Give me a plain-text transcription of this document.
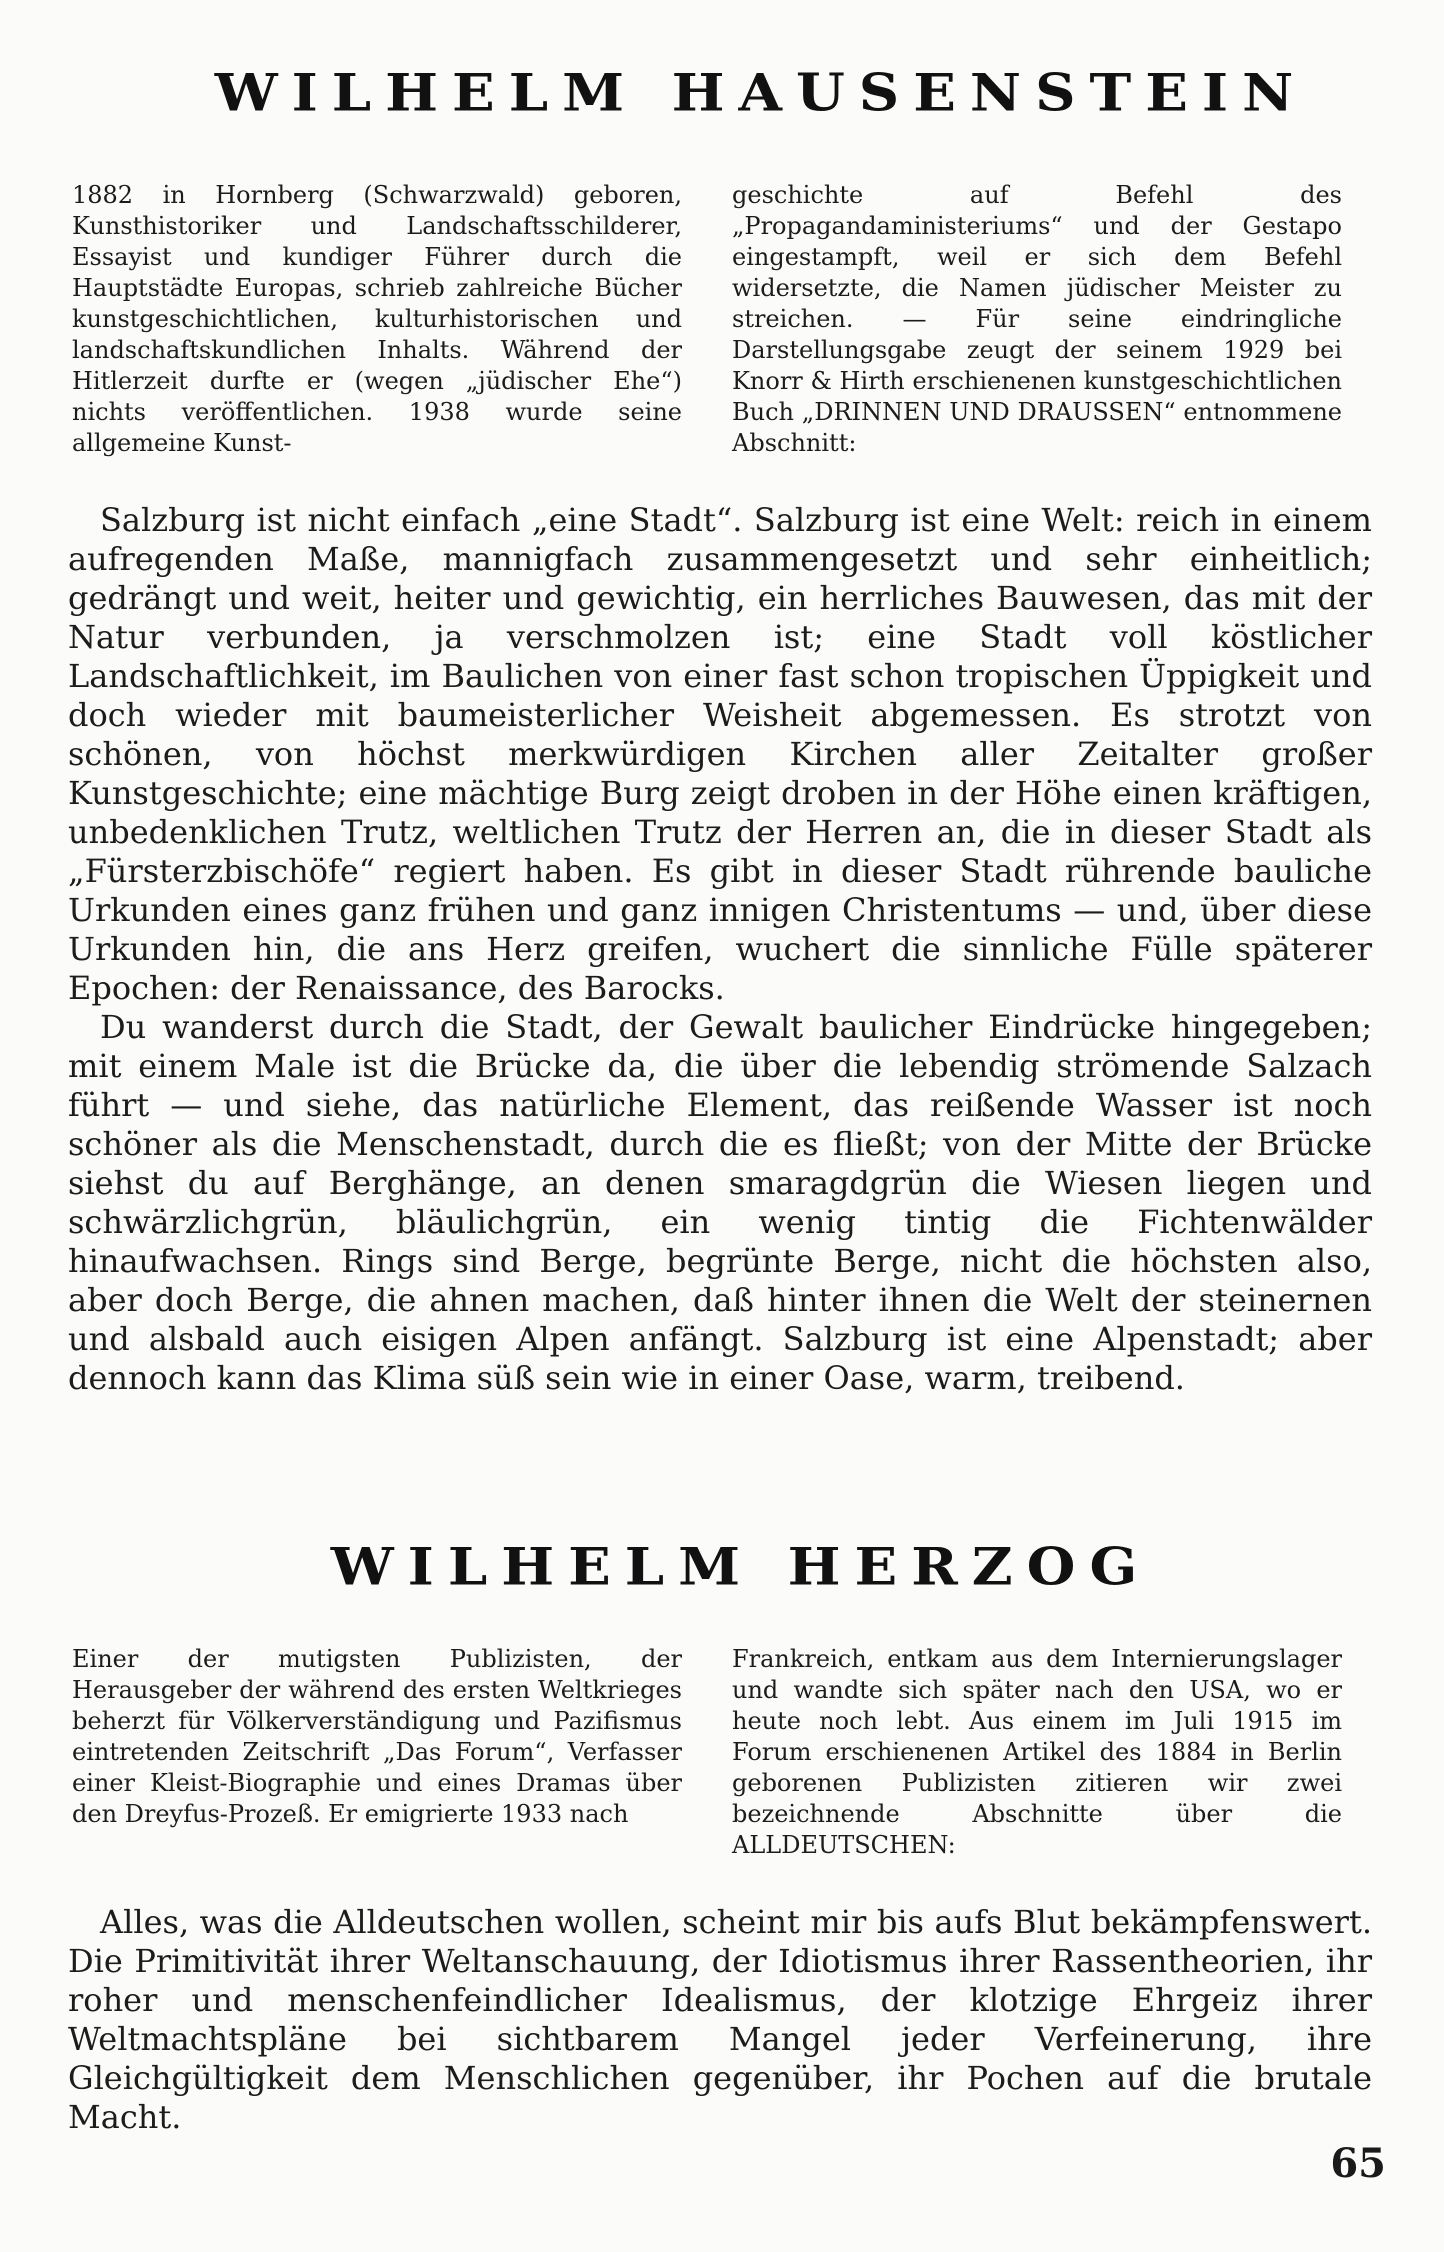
WILHELM HAUSENSTEIN

1882 in Hornberg (Schwarzwald) geboren, Kunsthistoriker und Landschaftsschilderer, Essayist und kundiger Führer durch die Hauptstädte Europas, schrieb zahlreiche Bücher kunstgeschichtlichen, kulturhistorischen und landschaftskundlichen Inhalts. Während der Hitlerzeit durfte er (wegen „jüdischer Ehe“) nichts veröffentlichen. 1938 wurde seine allgemeine Kunst-

geschichte auf Befehl des „Propagandaministeriums“ und der Gestapo eingestampft, weil er sich dem Befehl widersetzte, die Namen jüdischer Meister zu streichen. — Für seine eindringliche Darstellungsgabe zeugt der seinem 1929 bei Knorr & Hirth erschienenen kunstgeschichtlichen Buch „DRINNEN UND DRAUSSEN“ entnommene Abschnitt:

Salzburg ist nicht einfach „eine Stadt“. Salzburg ist eine Welt: reich in einem aufregenden Maße, mannigfach zusammengesetzt und sehr einheitlich; gedrängt und weit, heiter und gewichtig, ein herrliches Bauwesen, das mit der Natur verbunden, ja verschmolzen ist; eine Stadt voll köstlicher Landschaftlichkeit, im Baulichen von einer fast schon tropischen Üppigkeit und doch wieder mit baumeisterlicher Weisheit abgemessen. Es strotzt von schönen, von höchst merkwürdigen Kirchen aller Zeitalter großer Kunstgeschichte; eine mächtige Burg zeigt droben in der Höhe einen kräftigen, unbedenklichen Trutz, weltlichen Trutz der Herren an, die in dieser Stadt als „Fürsterzbischöfe“ regiert haben. Es gibt in dieser Stadt rührende bauliche Urkunden eines ganz frühen und ganz innigen Christentums — und, über diese Urkunden hin, die ans Herz greifen, wuchert die sinnliche Fülle späterer Epochen: der Renaissance, des Barocks.

Du wanderst durch die Stadt, der Gewalt baulicher Eindrücke hingegeben; mit einem Male ist die Brücke da, die über die lebendig strömende Salzach führt — und siehe, das natürliche Element, das reißende Wasser ist noch schöner als die Menschenstadt, durch die es fließt; von der Mitte der Brücke siehst du auf Berghänge, an denen smaragdgrün die Wiesen liegen und schwärzlichgrün, bläulichgrün, ein wenig tintig die Fichtenwälder hinaufwachsen. Rings sind Berge, begrünte Berge, nicht die höchsten also, aber doch Berge, die ahnen machen, daß hinter ihnen die Welt der steinernen und alsbald auch eisigen Alpen anfängt. Salzburg ist eine Alpenstadt; aber dennoch kann das Klima süß sein wie in einer Oase, warm, treibend.

WILHELM HERZOG

Einer der mutigsten Publizisten, der Herausgeber der während des ersten Weltkrieges beherzt für Völkerverständigung und Pazifismus eintretenden Zeitschrift „Das Forum“, Verfasser einer Kleist-Biographie und eines Dramas über den Dreyfus-Prozeß. Er emigrierte 1933 nach

Frankreich, entkam aus dem Internierungslager und wandte sich später nach den USA, wo er heute noch lebt. Aus einem im Juli 1915 im Forum erschienenen Artikel des 1884 in Berlin geborenen Publizisten zitieren wir zwei bezeichnende Abschnitte über die ALLDEUTSCHEN:

Alles, was die Alldeutschen wollen, scheint mir bis aufs Blut bekämpfenswert. Die Primitivität ihrer Weltanschauung, der Idiotismus ihrer Rassentheorien, ihr roher und menschenfeindlicher Idealismus, der klotzige Ehrgeiz ihrer Weltmachtspläne bei sichtbarem Mangel jeder Verfeinerung, ihre Gleichgültigkeit dem Menschlichen gegenüber, ihr Pochen auf die brutale Macht.

65
